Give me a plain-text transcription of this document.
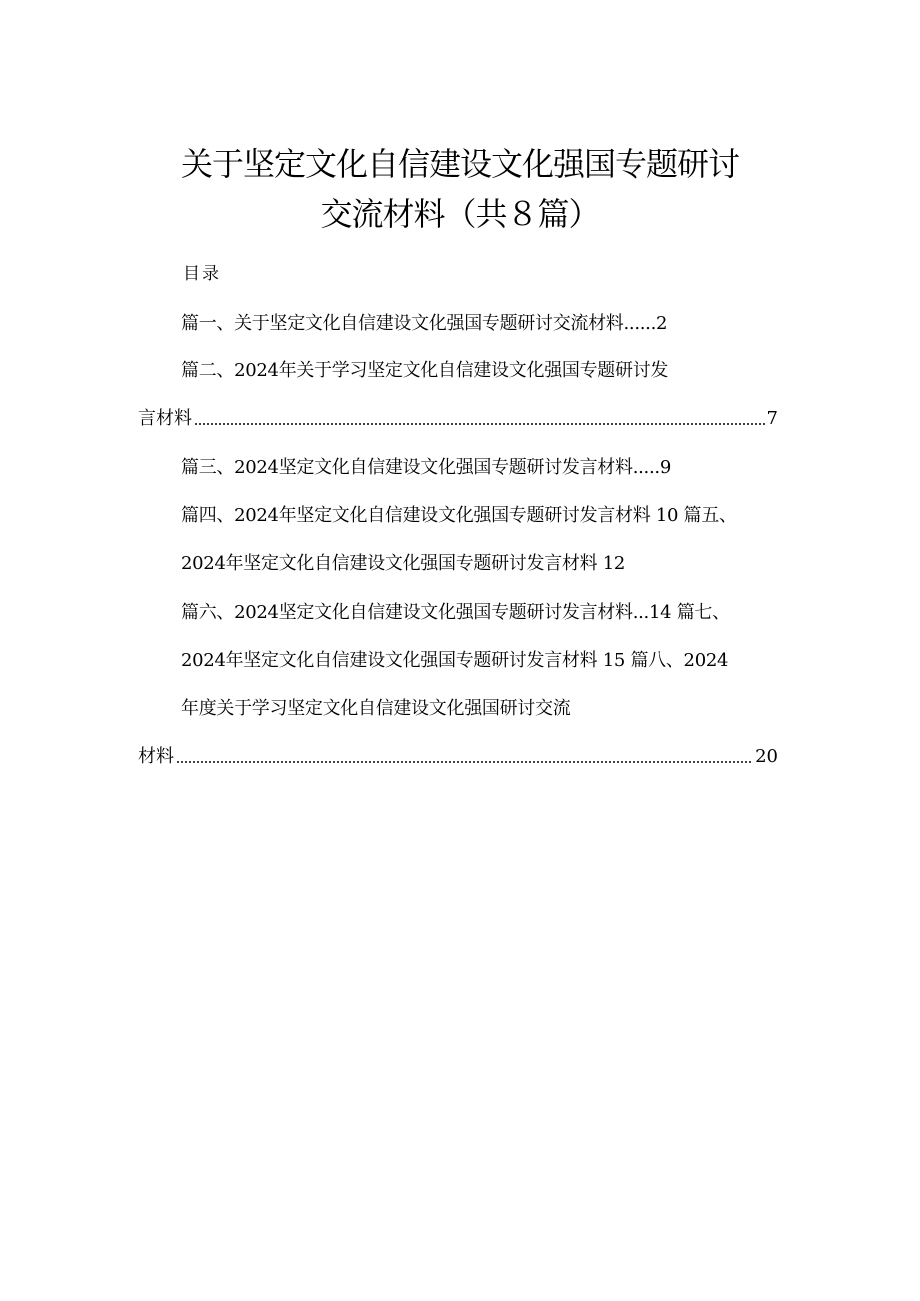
关于坚定文化自信建设文化强国专题研讨
交流材料（共８篇）
目录
篇一、关于坚定文化自信建设文化强国专题研讨交流材料......2
篇二、2024年关于学习坚定文化自信建设文化强国专题研讨发
言材料	7
篇三、2024坚定文化自信建设文化强国专题研讨发言材料.....9
篇四、2024年坚定文化自信建设文化强国专题研讨发言材料 10 篇五、
2024年坚定文化自信建设文化强国专题研讨发言材料 12
篇六、2024坚定文化自信建设文化强国专题研讨发言材料...14 篇七、
2024年坚定文化自信建设文化强国专题研讨发言材料 15 篇八、2024
年度关于学习坚定文化自信建设文化强国研讨交流
材料	20
